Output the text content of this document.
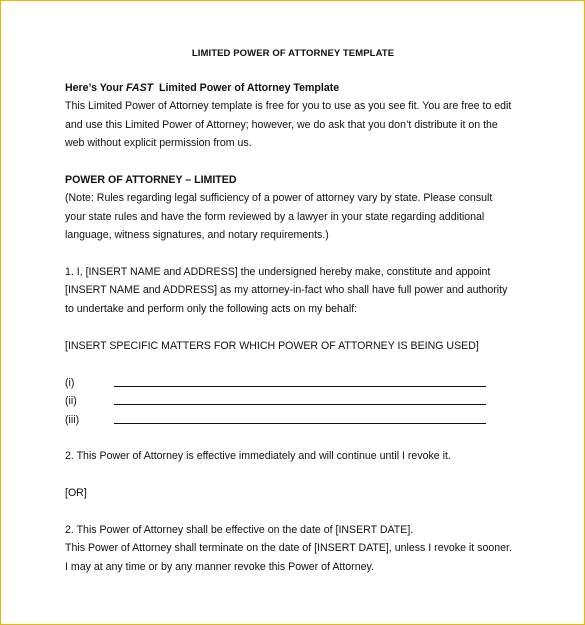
LIMITED POWER OF ATTORNEY TEMPLATE
Here’s Your FAST  Limited Power of Attorney Template
This Limited Power of Attorney template is free for you to use as you see fit. You are free to edit
and use this Limited Power of Attorney; however, we do ask that you don’t distribute it on the
web without explicit permission from us.
POWER OF ATTORNEY – LIMITED
(Note: Rules regarding legal sufficiency of a power of attorney vary by state. Please consult
your state rules and have the form reviewed by a lawyer in your state regarding additional
language, witness signatures, and notary requirements.)
1. I, [INSERT NAME and ADDRESS] the undersigned hereby make, constitute and appoint
[INSERT NAME and ADDRESS] as my attorney-in-fact who shall have full power and authority
to undertake and perform only the following acts on my behalf:
[INSERT SPECIFIC MATTERS FOR WHICH POWER OF ATTORNEY IS BEING USED]
(i)
(ii)
(iii)
2. This Power of Attorney is effective immediately and will continue until I revoke it.
[OR]
2. This Power of Attorney shall be effective on the date of [INSERT DATE].
This Power of Attorney shall terminate on the date of [INSERT DATE], unless I revoke it sooner.
I may at any time or by any manner revoke this Power of Attorney.
